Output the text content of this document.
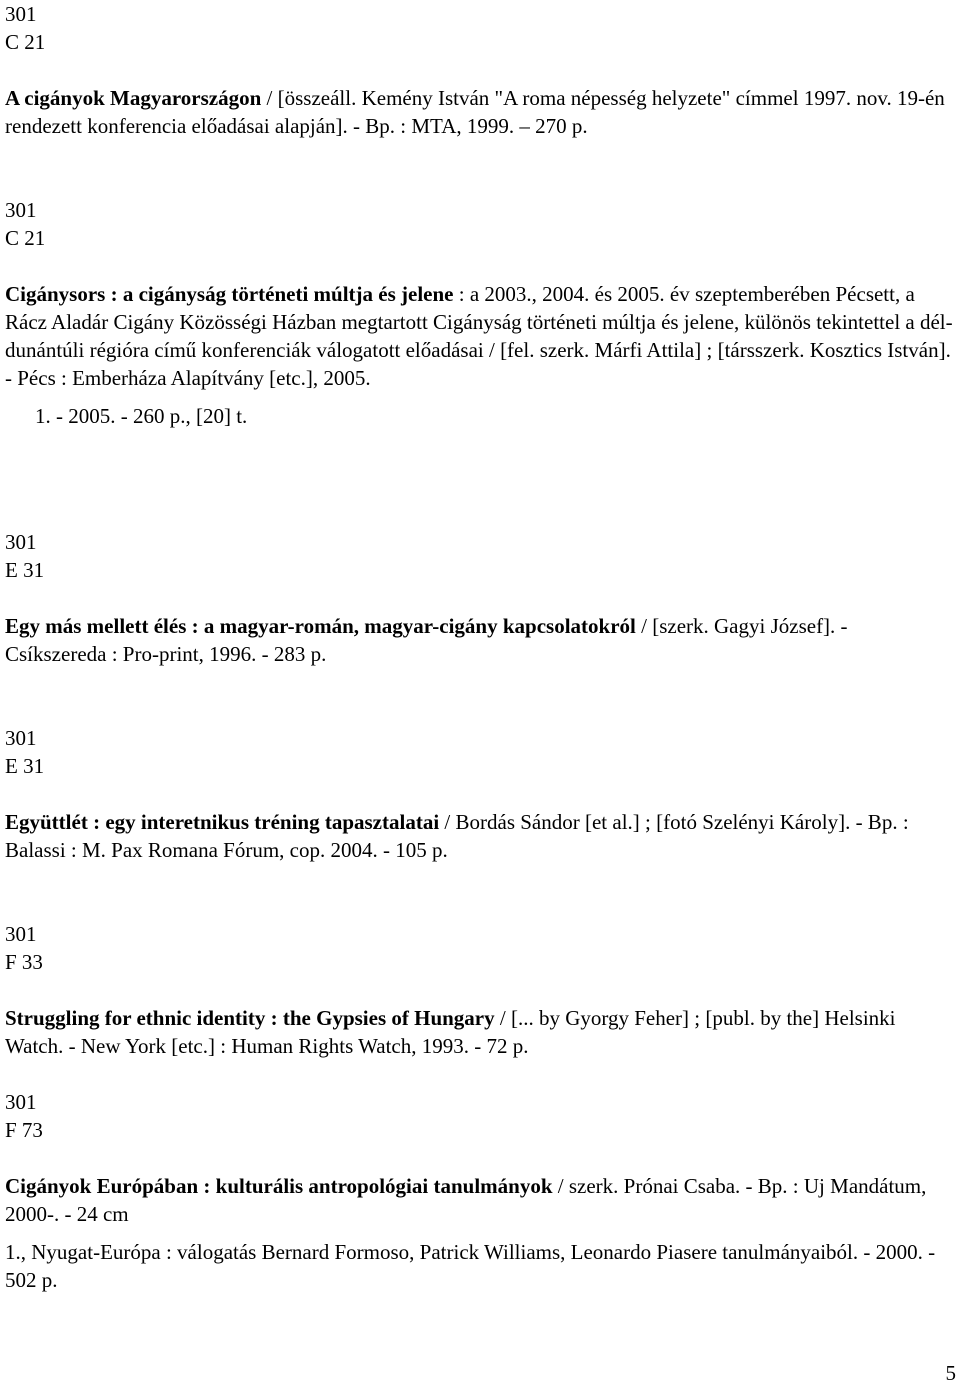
301
C 21

A cigányok Magyarországon / [összeáll. Kemény István "A roma népesség helyzete" címmel 1997. nov. 19-én rendezett konferencia előadásai alapján]. - Bp. : MTA, 1999. ‒ 270 p.

301
C 21

Cigánysors : a cigányság történeti múltja és jelene : a 2003., 2004. és 2005. év szeptemberében Pécsett, a Rácz Aladár Cigány Közösségi Házban megtartott Cigányság történeti múltja és jelene, különös tekintettel a dél-dunántúli régióra című konferenciák válogatott előadásai / [fel. szerk. Márfi Attila] ; [társszerk. Kosztics István]. - Pécs : Emberháza Alapítvány [etc.], 2005.

1. - 2005. - 260 p., [20] t.
301
E 31

Egy más mellett élés : a magyar-román, magyar-cigány kapcsolatokról / [szerk. Gagyi József]. - Csíkszereda : Pro-print, 1996. - 283 p.

301
E 31

Együttlét : egy interetnikus tréning tapasztalatai / Bordás Sándor [et al.] ; [fotó Szelényi Károly]. - Bp. : Balassi : M. Pax Romana Fórum, cop. 2004. - 105 p.

301
F 33

Struggling for ethnic identity : the Gypsies of Hungary / [... by Gyorgy Feher] ; [publ. by the] Helsinki Watch. - New York [etc.] : Human Rights Watch, 1993. - 72 p.

301
F 73

Cigányok Európában : kulturális antropológiai tanulmányok / szerk. Prónai Csaba. - Bp. : Uj Mandátum, 2000-. - 24 cm

1., Nyugat-Európa : válogatás Bernard Formoso, Patrick Williams, Leonardo Piasere tanulmányaiból. - 2000. - 502 p.
5
